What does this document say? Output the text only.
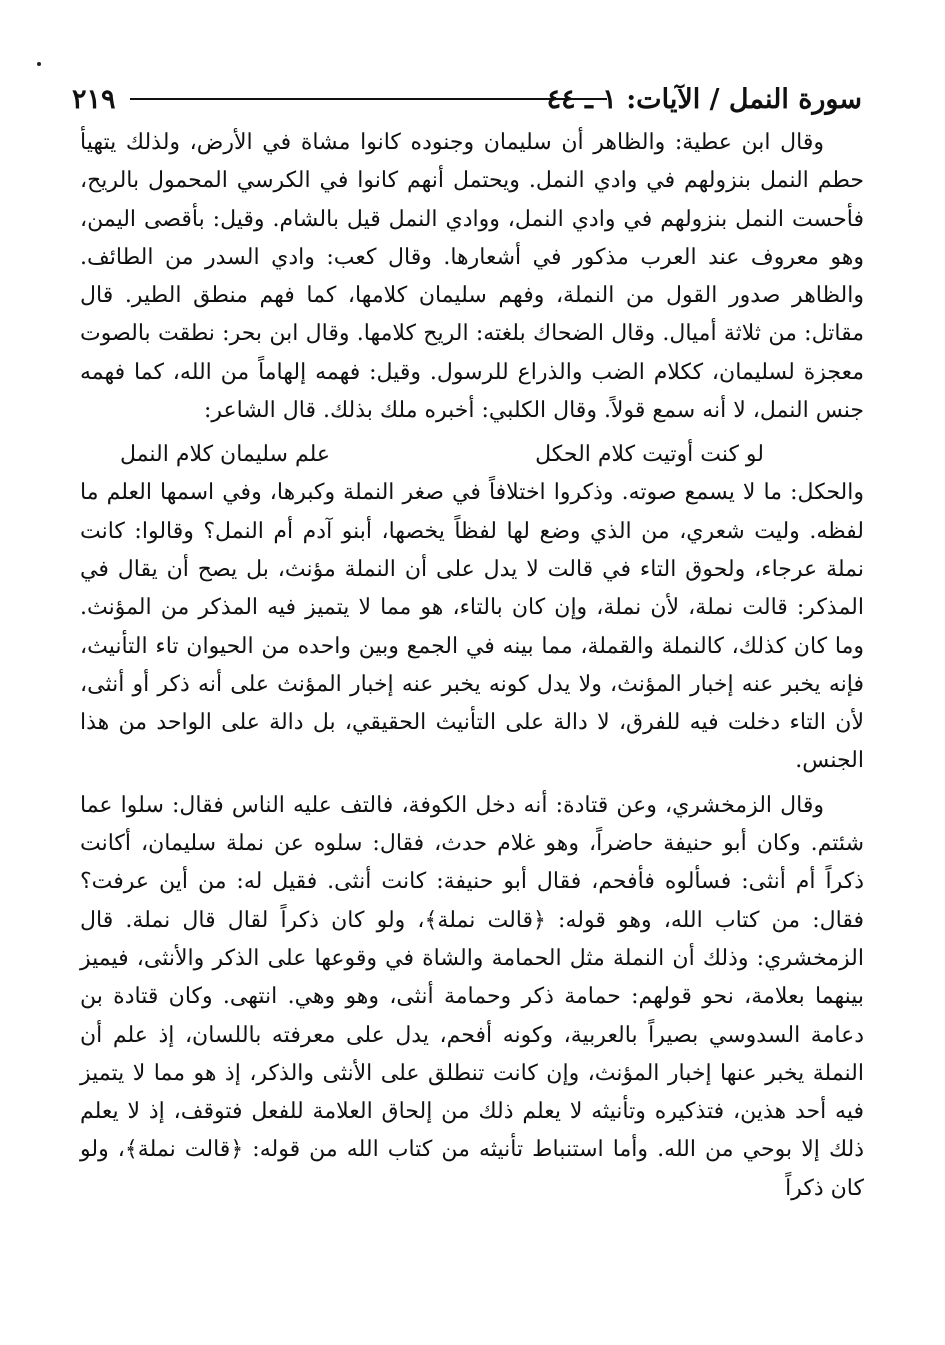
سورة النمل / الآيات: ١ ـ ٤٤
٢١٩

وقال ابن عطية: والظاهر أن سليمان وجنوده كانوا مشاة في الأرض، ولذلك يتهيأ حطم النمل بنزولهم في وادي النمل. ويحتمل أنهم كانوا في الكرسي المحمول بالريح، فأحست النمل بنزولهم في وادي النمل، ووادي النمل قيل بالشام. وقيل: بأقصى اليمن، وهو معروف عند العرب مذكور في أشعارها. وقال كعب: وادي السدر من الطائف. والظاهر صدور القول من النملة، وفهم سليمان كلامها، كما فهم منطق الطير. قال مقاتل: من ثلاثة أميال. وقال الضحاك بلغته: الريح كلامها. وقال ابن بحر: نطقت بالصوت معجزة لسليمان، ككلام الضب والذراع للرسول. وقيل: فهمه إلهاماً من الله، كما فهمه جنس النمل، لا أنه سمع قولاً. وقال الكلبي: أخبره ملك بذلك. قال الشاعر:

لو كنت أوتيت كلام الحكل
علم سليمان كلام النمل

والحكل: ما لا يسمع صوته. وذكروا اختلافاً في صغر النملة وكبرها، وفي اسمها العلم ما لفظه. وليت شعري، من الذي وضع لها لفظاً يخصها، أبنو آدم أم النمل؟ وقالوا: كانت نملة عرجاء، ولحوق التاء في قالت لا يدل على أن النملة مؤنث، بل يصح أن يقال في المذكر: قالت نملة، لأن نملة، وإن كان بالتاء، هو مما لا يتميز فيه المذكر من المؤنث. وما كان كذلك، كالنملة والقملة، مما بينه في الجمع وبين واحده من الحيوان تاء التأنيث، فإنه يخبر عنه إخبار المؤنث، ولا يدل كونه يخبر عنه إخبار المؤنث على أنه ذكر أو أنثى، لأن التاء دخلت فيه للفرق، لا دالة على التأنيث الحقيقي، بل دالة على الواحد من هذا الجنس.

وقال الزمخشري، وعن قتادة: أنه دخل الكوفة، فالتف عليه الناس فقال: سلوا عما شئتم. وكان أبو حنيفة حاضراً، وهو غلام حدث، فقال: سلوه عن نملة سليمان، أكانت ذكراً أم أنثى: فسألوه فأفحم، فقال أبو حنيفة: كانت أنثى. فقيل له: من أين عرفت؟ فقال: من كتاب الله، وهو قوله: ﴿قالت نملة﴾، ولو كان ذكراً لقال قال نملة. قال الزمخشري: وذلك أن النملة مثل الحمامة والشاة في وقوعها على الذكر والأنثى، فيميز بينهما بعلامة، نحو قولهم: حمامة ذكر وحمامة أنثى، وهو وهي. انتهى. وكان قتادة بن دعامة السدوسي بصيراً بالعربية، وكونه أفحم، يدل على معرفته باللسان، إذ علم أن النملة يخبر عنها إخبار المؤنث، وإن كانت تنطلق على الأنثى والذكر، إذ هو مما لا يتميز فيه أحد هذين، فتذكيره وتأنيثه لا يعلم ذلك من إلحاق العلامة للفعل فتوقف، إذ لا يعلم ذلك إلا بوحي من الله. وأما استنباط تأنيثه من كتاب الله من قوله: ﴿قالت نملة﴾، ولو كان ذكراً
